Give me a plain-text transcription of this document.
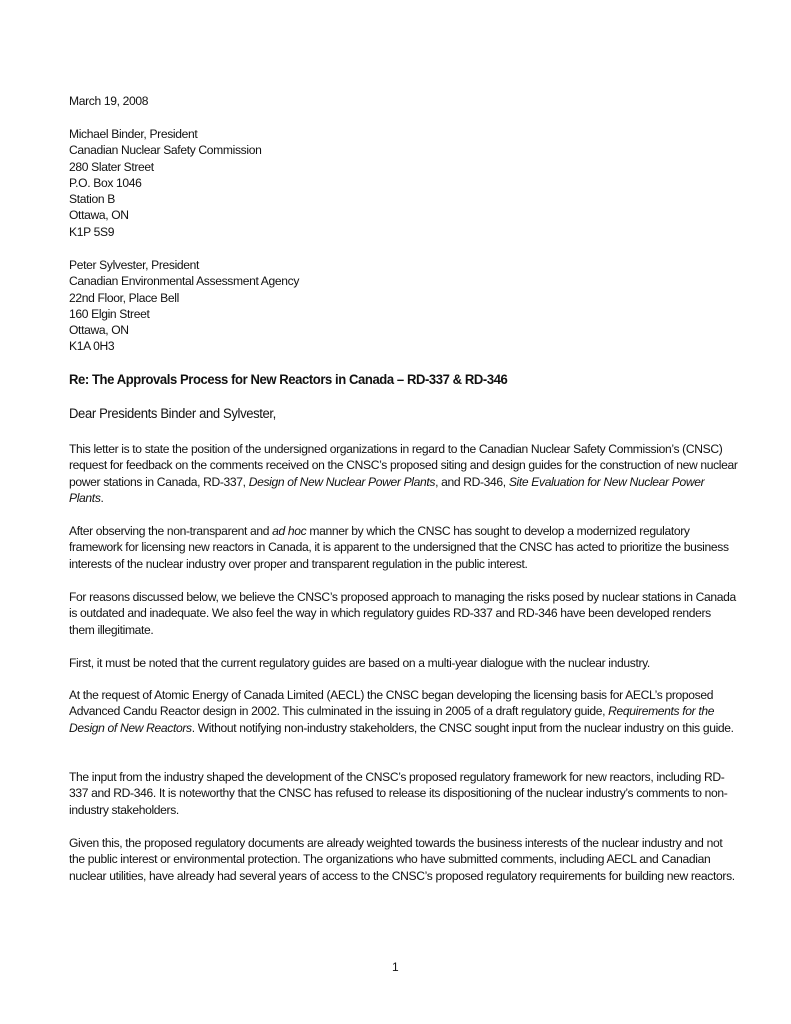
March 19, 2008
Michael Binder, President
Canadian Nuclear Safety Commission
280 Slater Street
P.O. Box 1046
Station B
Ottawa, ON
K1P 5S9
Peter Sylvester, President
Canadian Environmental Assessment Agency
22nd Floor, Place Bell
160 Elgin Street
Ottawa, ON
K1A 0H3
Re: The Approvals Process for New Reactors in Canada – RD-337 & RD-346
Dear Presidents Binder and Sylvester,

This letter is to state the position of the undersigned organizations in regard to the Canadian Nuclear Safety Commission’s (CNSC) request for feedback on the comments received on the CNSC’s proposed siting and design guides for the construction of new nuclear power stations in Canada, RD-337, Design of New Nuclear Power Plants, and RD-346, Site Evaluation for New Nuclear Power Plants.

After observing the non-transparent and ad hoc manner by which the CNSC has sought to develop a modernized regulatory framework for licensing new reactors in Canada, it is apparent to the undersigned that the CNSC has acted to prioritize the business interests of the nuclear industry over proper and transparent regulation in the public interest.

For reasons discussed below, we believe the CNSC’s proposed approach to managing the risks posed by nuclear stations in Canada is outdated and inadequate. We also feel the way in which regulatory guides RD-337 and RD-346 have been developed renders them illegitimate.

First, it must be noted that the current regulatory guides are based on a multi-year dialogue with the nuclear industry.

At the request of Atomic Energy of Canada Limited (AECL) the CNSC began developing the licensing basis for AECL’s proposed Advanced Candu Reactor design in 2002. This culminated in the issuing in 2005 of a draft regulatory guide, Requirements for the Design of New Reactors. Without notifying non-industry stakeholders, the CNSC sought input from the nuclear industry on this guide.

The input from the industry shaped the development of the CNSC’s proposed regulatory framework for new reactors, including RD-337 and RD-346. It is noteworthy that the CNSC has refused to release its dispositioning of the nuclear industry’s comments to non-industry stakeholders.

Given this, the proposed regulatory documents are already weighted towards the business interests of the nuclear industry and not the public interest or environmental protection. The organizations who have submitted comments, including AECL and Canadian nuclear utilities, have already had several years of access to the CNSC’s proposed regulatory requirements for building new reactors.

1
